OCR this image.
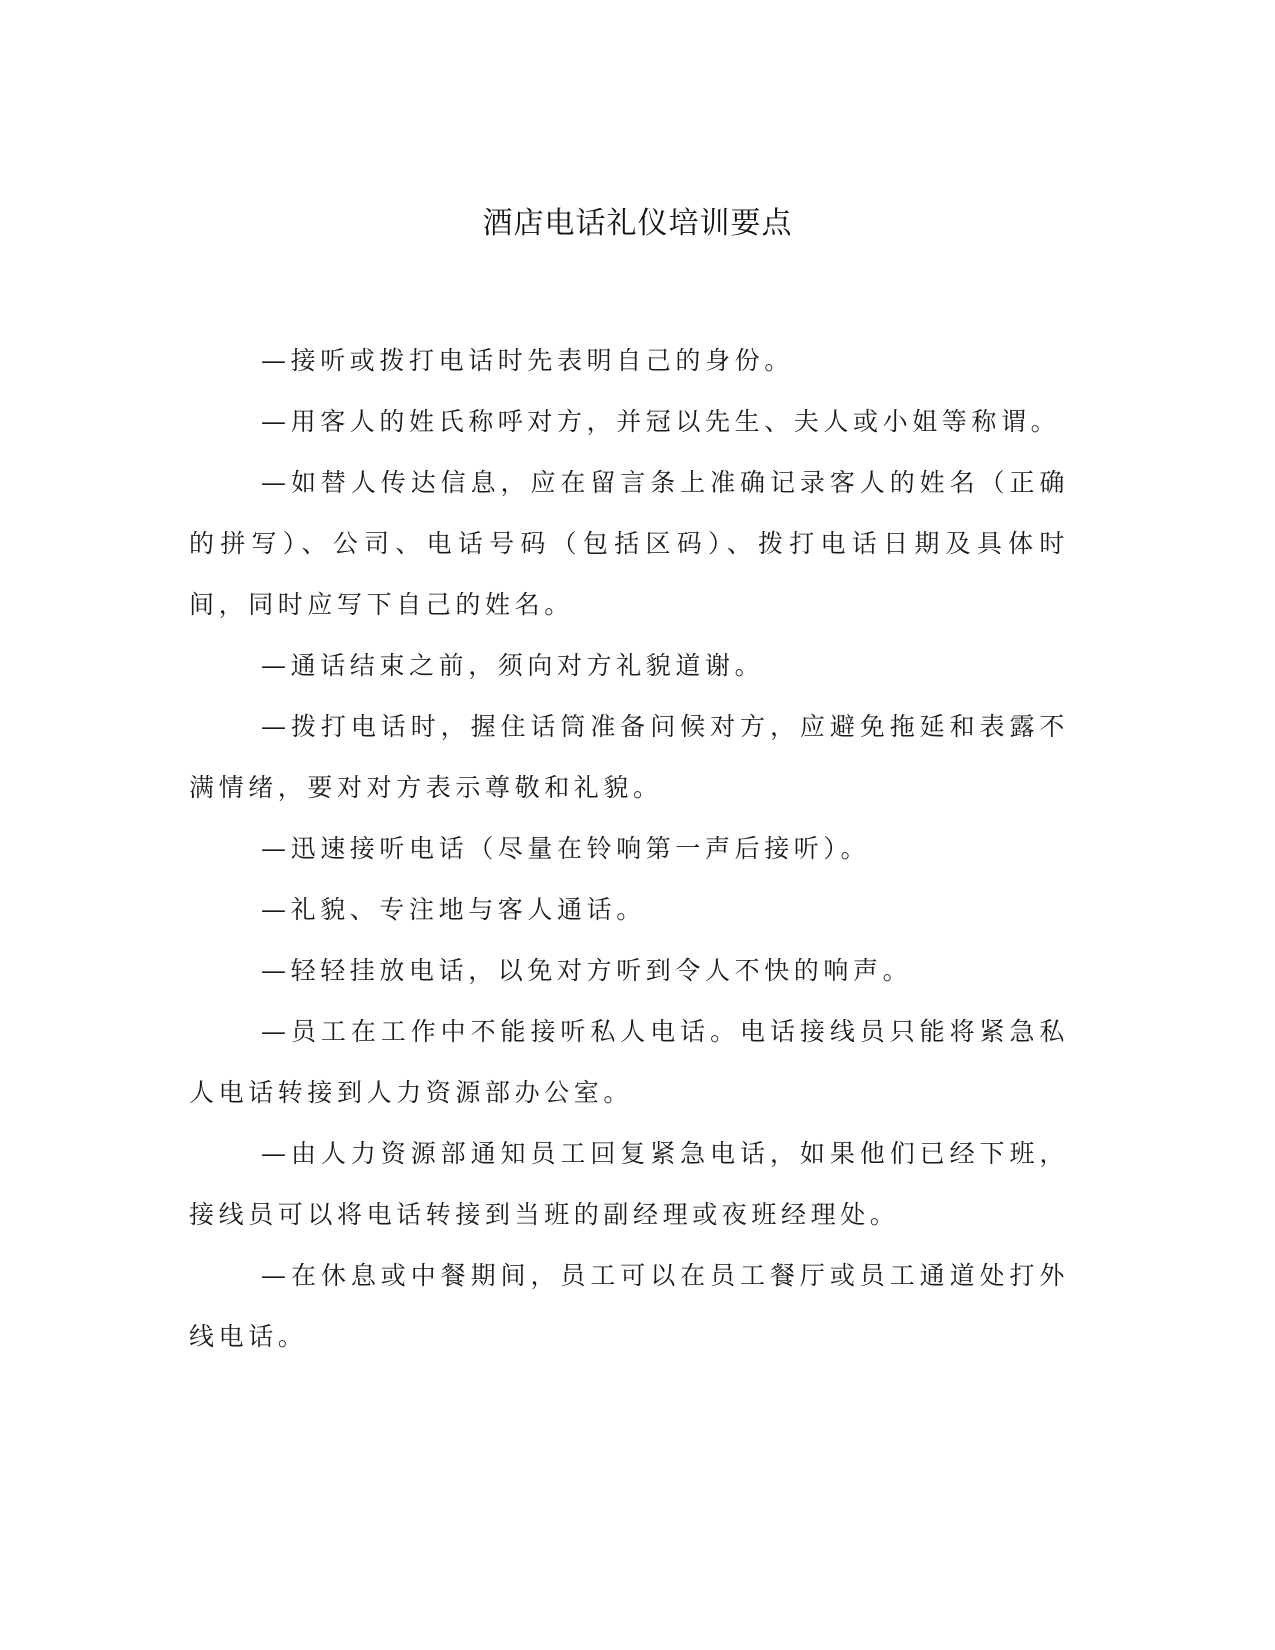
酒店电话礼仪培训要点

—接听或拨打电话时先表明自己的身份。

—用客人的姓氏称呼对方，并冠以先生、夫人或小姐等称谓。

—如替人传达信息，应在留言条上准确记录客人的姓名（正确的拼写）、公司、电话号码（包括区码）、拨打电话日期及具体时间，同时应写下自己的姓名。

—通话结束之前，须向对方礼貌道谢。

—拨打电话时，握住话筒准备问候对方，应避免拖延和表露不满情绪，要对对方表示尊敬和礼貌。

—迅速接听电话（尽量在铃响第一声后接听）。

—礼貌、专注地与客人通话。

—轻轻挂放电话，以免对方听到令人不快的响声。

—员工在工作中不能接听私人电话。电话接线员只能将紧急私人电话转接到人力资源部办公室。

—由人力资源部通知员工回复紧急电话，如果他们已经下班，接线员可以将电话转接到当班的副经理或夜班经理处。

—在休息或中餐期间，员工可以在员工餐厅或员工通道处打外线电话。
